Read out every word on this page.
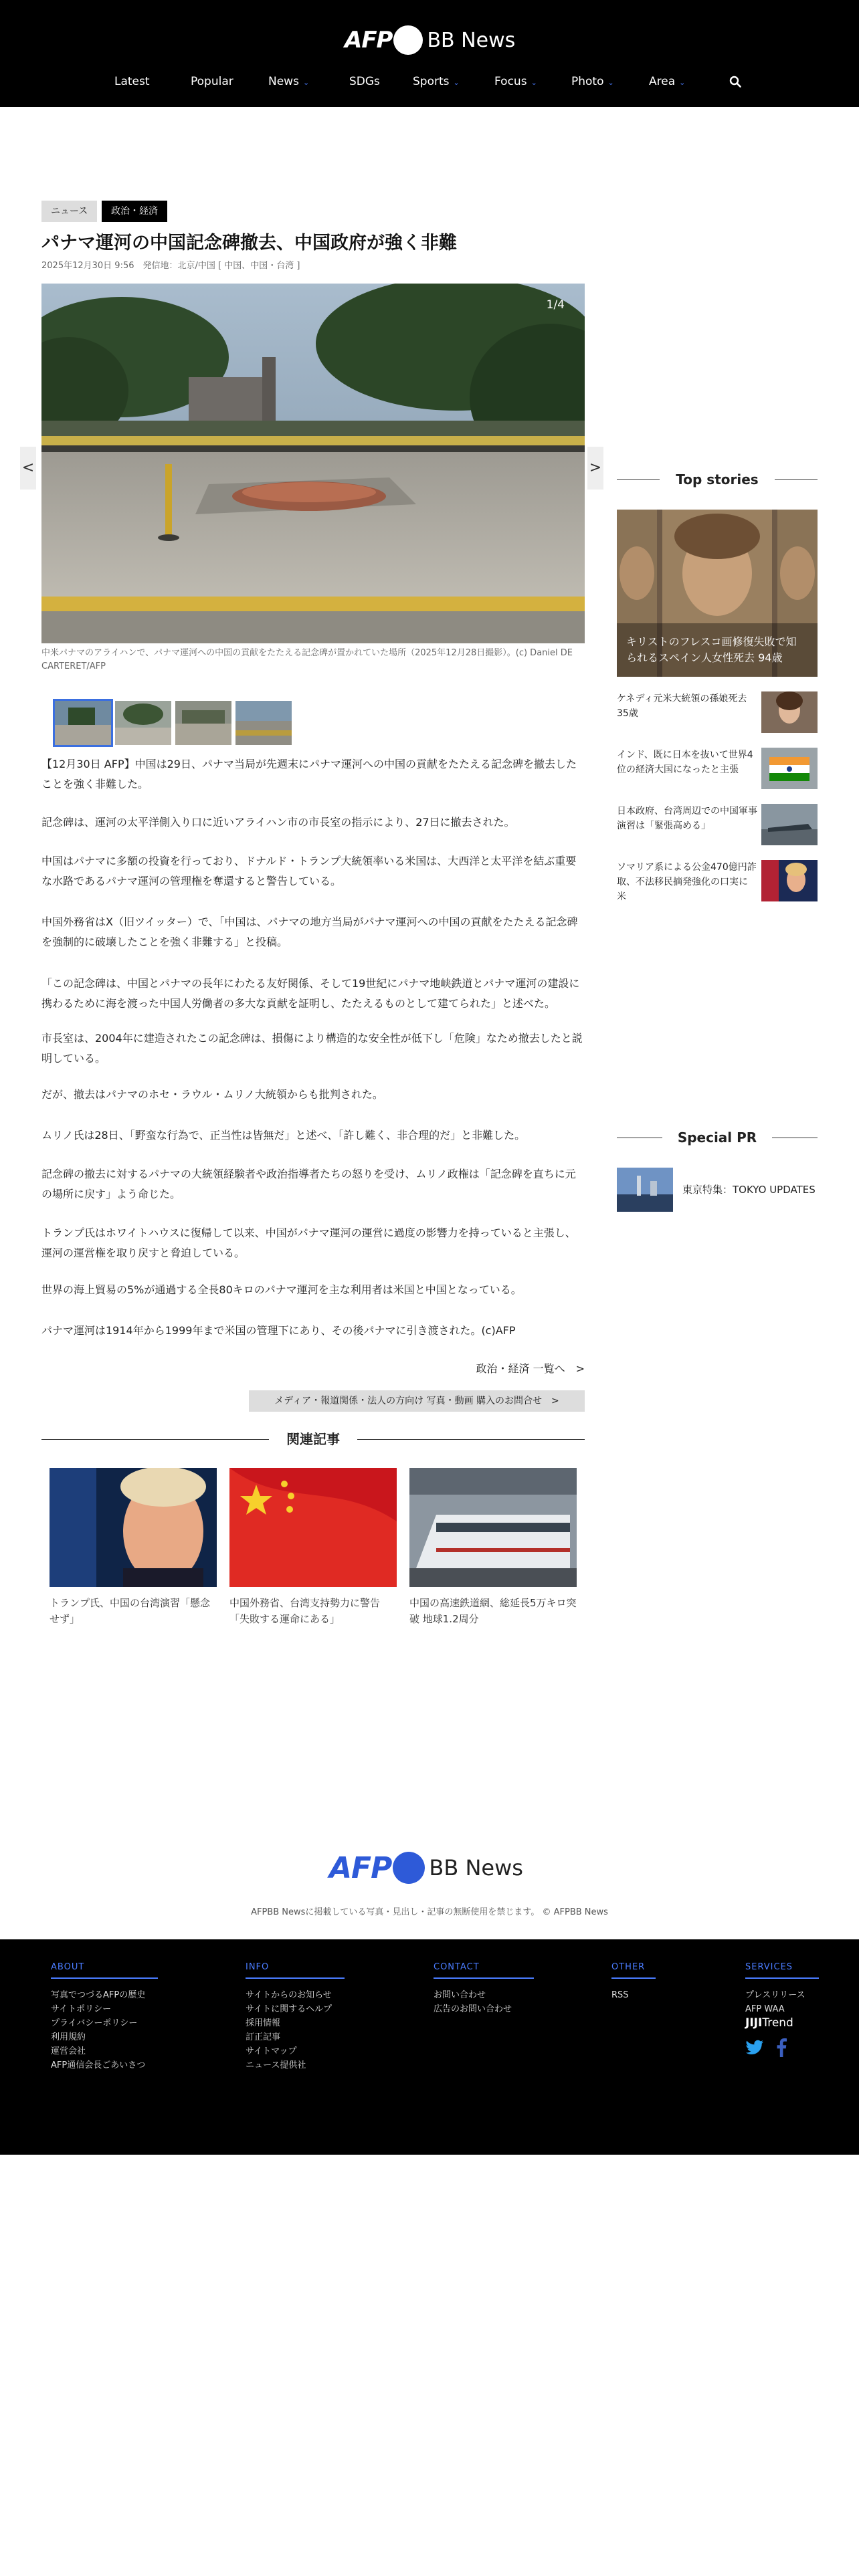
AFP BB News
Latest	Popular	News ⌄	SDGs	Sports ⌄	Focus ⌄	Photo ⌄	Area ⌄
ニュース	政治・経済
パナマ運河の中国記念碑撤去、中国政府が強く非難
2025年12月30日 9:56　発信地：北京/中国 [ 中国、中国・台湾 ]
1/4
<	>

中米パナマのアライハンで、パナマ運河への中国の貢献をたたえる記念碑が置かれていた場所（2025年12月28日撮影）。(c) Daniel DE CARTERET/AFP

【12月30日 AFP】中国は29日、パナマ当局が先週末にパナマ運河への中国の貢献をたたえる記念碑を撤去したことを強く非難した。

記念碑は、運河の太平洋側入り口に近いアライハン市の市長室の指示により、27日に撤去された。

中国はパナマに多額の投資を行っており、ドナルド・トランプ大統領率いる米国は、大西洋と太平洋を結ぶ重要な水路であるパナマ運河の管理権を奪還すると警告している。

中国外務省はX（旧ツイッター）で、「中国は、パナマの地方当局がパナマ運河への中国の貢献をたたえる記念碑を強制的に破壊したことを強く非難する」と投稿。

「この記念碑は、中国とパナマの長年にわたる友好関係、そして19世紀にパナマ地峡鉄道とパナマ運河の建設に携わるために海を渡った中国人労働者の多大な貢献を証明し、たたえるものとして建てられた」と述べた。

市長室は、2004年に建造されたこの記念碑は、損傷により構造的な安全性が低下し「危険」なため撤去したと説明している。

だが、撤去はパナマのホセ・ラウル・ムリノ大統領からも批判された。

ムリノ氏は28日、「野蛮な行為で、正当性は皆無だ」と述べ、「許し難く、非合理的だ」と非難した。

記念碑の撤去に対するパナマの大統領経験者や政治指導者たちの怒りを受け、ムリノ政権は「記念碑を直ちに元の場所に戻す」よう命じた。

トランプ氏はホワイトハウスに復帰して以来、中国がパナマ運河の運営に過度の影響力を持っていると主張し、運河の運営権を取り戻すと脅迫している。

世界の海上貿易の5%が通過する全長80キロのパナマ運河を主な利用者は米国と中国となっている。

パナマ運河は1914年から1999年まで米国の管理下にあり、その後パナマに引き渡された。(c)AFP

政治・経済 一覧へ　>
メディア・報道関係・法人の方向け 写真・動画 購入のお問合せ　>
関連記事

トランプ氏、中国の台湾演習「懸念せず」

中国外務省、台湾支持勢力に警告「失敗する運命にある」

中国の高速鉄道網、総延長5万キロ突破 地球1.2周分

Top stories

キリストのフレスコ画修復失敗で知られるスペイン人女性死去 94歳

ケネディ元米大統領の孫娘死去 35歳

インド、既に日本を抜いて世界4位の経済大国になったと主張

日本政府、台湾周辺での中国軍事演習は「緊張高める」

ソマリア系による公金470億円詐取、不法移民摘発強化の口実に 米

Special PR
東京特集：TOKYO UPDATES
AFP BB News

AFPBB Newsに掲載している写真・見出し・記事の無断使用を禁じます。 © AFPBB News

ABOUT
写真でつづるAFPの歴史
サイトポリシー
プライバシーポリシー
利用規約
運営会社
AFP通信会長ごあいさつ
INFO
サイトからのお知らせ
サイトに関するヘルプ
採用情報
訂正記事
サイトマップ
ニュース提供社
CONTACT
お問い合わせ
広告のお問い合わせ
OTHER
RSS
SERVICES
プレスリリース
AFP WAA
JIJITrend
